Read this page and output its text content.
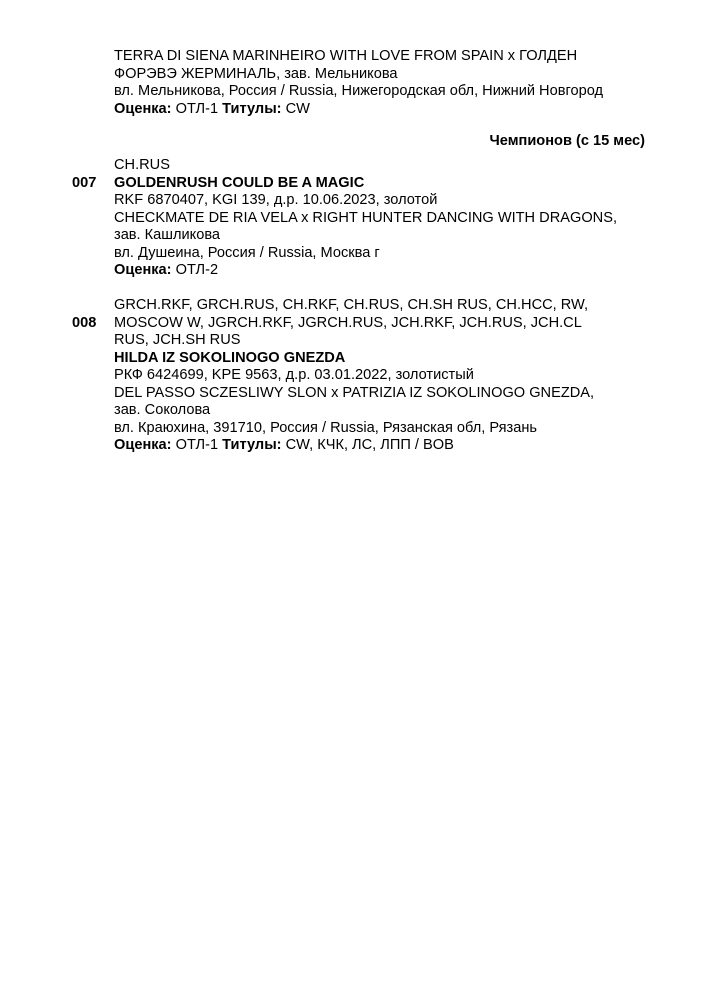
TERRA DI SIENA MARINHEIRO WITH LOVE FROM SPAIN x ГОЛДЕН
ФОРЭВЭ ЖЕРМИНАЛЬ, зав. Мельникова
вл. Мельникова, Россия / Russia, Нижегородская обл, Нижний Новгород
Оценка: ОТЛ-1 Титулы: CW
Чемпионов (с 15 мес)
007
CH.RUS
GOLDENRUSH COULD BE A MAGIC
RKF 6870407, KGI 139, д.р. 10.06.2023, золотой
CHECKMATE DE RIA VELA x RIGHT HUNTER DANCING WITH DRAGONS,
зав. Кашликова
вл. Душеина, Россия / Russia, Москва г
Оценка: ОТЛ-2
008
GRCH.RKF, GRCH.RUS, CH.RKF, CH.RUS, CH.SH RUS, CH.HCC, RW,
MOSCOW W, JGRCH.RKF, JGRCH.RUS, JCH.RKF, JCH.RUS, JCH.CL
RUS, JCH.SH RUS
HILDA IZ SOKOLINOGO GNEZDA
РКФ 6424699, KPE 9563, д.р. 03.01.2022, золотистый
DEL PASSO SCZESLIWY SLON x PATRIZIA IZ SOKOLINOGO GNEZDA,
зав. Соколова
вл. Краюхина, 391710, Россия / Russia, Рязанская обл, Рязань
Оценка: ОТЛ-1 Титулы: CW, КЧК, ЛС, ЛПП / BOB
